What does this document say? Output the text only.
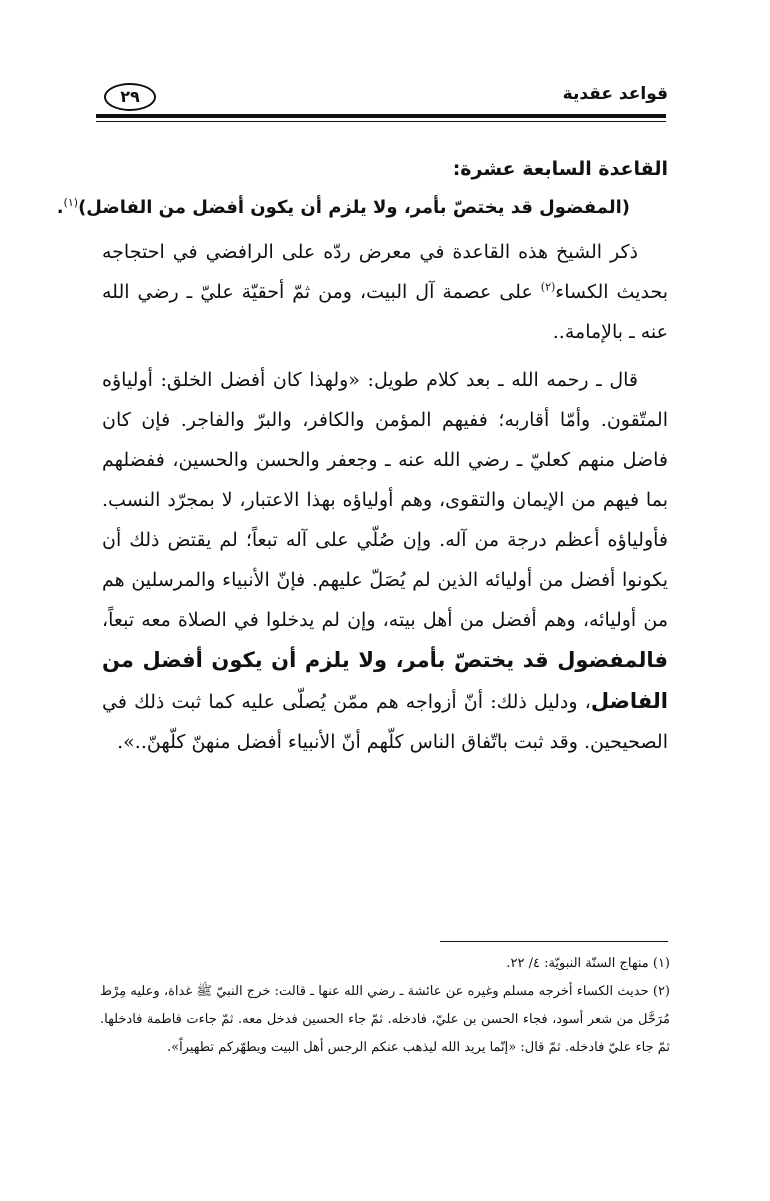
قواعد عقدية
٢٩
القاعدة السابعة عشرة:
(المفضول قد يختصّ بأمر، ولا يلزم أن يكون أفضل من الفاضل)$^{(١)}$.

ذكر الشيخ هذه القاعدة في معرض ردّه على الرافضي في احتجاجه بحديث الكساء$^{(٢)}$ على عصمة آل البيت، ومن ثمّ أحقيّة عليّ ـ رضي الله عنه ـ بالإمامة..

قال ـ رحمه الله ـ بعد كلام طويل: «ولهذا كان أفضل الخلق: أولياؤه المتّقون. وأمّا أقاربه؛ ففيهم المؤمن والكافر، والبرّ والفاجر. فإن كان فاضل منهم كعليّ ـ رضي الله عنه ـ وجعفر والحسن والحسين، ففضلهم بما فيهم من الإيمان والتقوى، وهم أولياؤه بهذا الاعتبار، لا بمجرّد النسب. فأولياؤه أعظم درجة من آله. وإن صُلّي على آله تبعاً؛ لم يقتض ذلك أن يكونوا أفضل من أوليائه الذين لم يُصَلّ عليهم. فإنّ الأنبياء والمرسلين هم من أوليائه، وهم أفضل من أهل بيته، وإن لم يدخلوا في الصلاة معه تبعاً، فالمفضول قد يختصّ بأمر، ولا يلزم أن يكون أفضل من الفاضل، ودليل ذلك: أنّ أزواجه هم ممّن يُصلّى عليه كما ثبت ذلك في الصحيحين. وقد ثبت باتّفاق الناس كلّهم أنّ الأنبياء أفضل منهنّ كلّهنّ..».

(١) منهاج السنّة النبويّة: ٤/ ٢٢.

(٢) حديث الكساء أخرجه مسلم وغيره عن عائشة ـ رضي الله عنها ـ قالت: خرج النبيّ ﷺ غداة، وعليه مِرْط مُرَحَّل من شعر أسود، فجاء الحسن بن عليّ، فادخله. ثمّ جاء الحسين فدخل معه. ثمّ جاءت فاطمة فادخلها. ثمّ جاء عليّ فادخله. ثمّ قال: «إنّما يريد الله ليذهب عنكم الرجس أهل البيت ويطهّركم تطهيراً».
